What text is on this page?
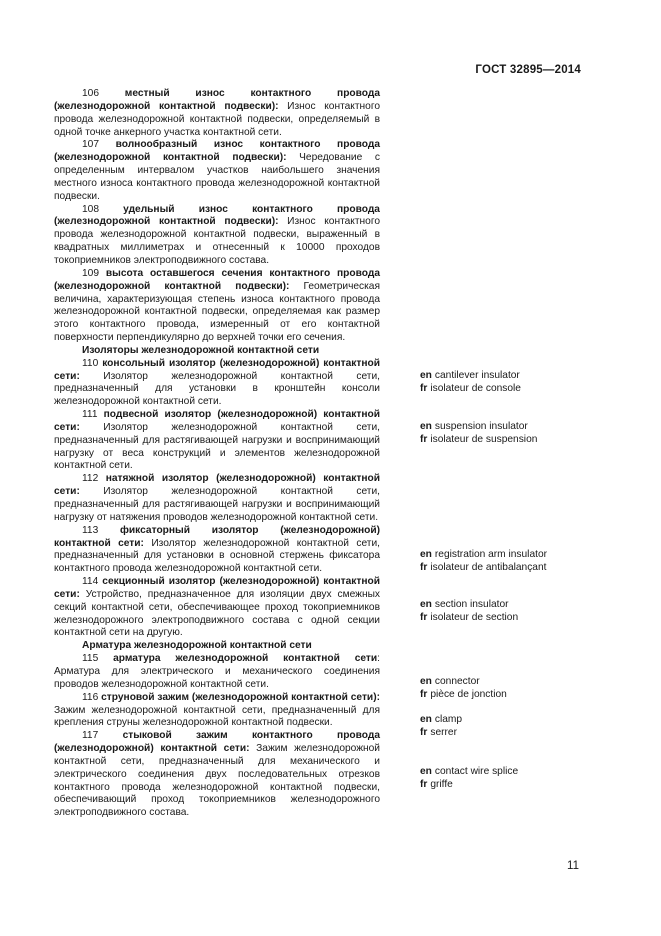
ГОСТ 32895—2014

106	местный износ контактного провода (железнодорожной контактной подвески): Износ контактного провода железнодорожной контактной подвески, определяемый в одной точке анкерного участка контактной сети.

107 волнообразный износ контактного провода (железнодорожной контактной подвески): Чередование с определенным интервалом участков наибольшего значения местного износа контактного провода железнодорожной контактной подвески.

108 удельный износ контактного провода (железнодорожной контактной подвески): Износ контактного провода железнодорожной контактной подвески, выраженный в квадратных миллиметрах и отнесенный к 10000 проходов токоприемников электроподвижного состава.

109 высота оставшегося сечения контактного провода (железнодорожной контактной подвески): Геометрическая величина, характеризующая степень износа контактного провода железнодорожной контактной подвески, определяемая как размер этого контактного провода, измеренный от его контактной поверхности перпендикулярно до верхней точки его сечения.

Изоляторы железнодорожной контактной сети

110 консольный изолятор (железнодорожной) контактной сети: Изолятор железнодорожной контактной сети, предназначенный для установки в кронштейн консоли железнодорожной контактной сети.

111 подвесной изолятор (железнодорожной) контактной сети: Изолятор железнодорожной контактной сети, предназначенный для растягивающей нагрузки и воспринимающий нагрузку от веса конструкций и элементов железнодорожной контактной сети.

112 натяжной изолятор (железнодорожной) контактной сети: Изолятор железнодорожной контактной сети, предназначенный для растягивающей нагрузки и воспринимающий нагрузку от натяжения проводов железнодорожной контактной сети.

113 фиксаторный изолятор (железнодорожной) контактной сети: Изолятор железнодорожной контактной сети, предназначенный для установки в основной стержень фиксатора контактного провода железнодорожной контактной сети.

114 секционный изолятор (железнодорожной) контактной сети: Устройство, предназначенное для изоляции двух смежных секций контактной сети, обеспечивающее проход токоприемников железнодорожного электроподвижного состава с одной секции контактной сети на другую.

Арматура железнодорожной контактной сети

115 арматура железнодорожной контактной сети: Арматура для электрического и механического соединения проводов железнодорожной контактной сети.

116 струновой зажим (железнодорожной контактной сети): Зажим железнодорожной контактной сети, предназначенный для крепления струны железнодорожной контактной подвески.

117 стыковой зажим контактного провода (железнодорожной) контактной сети: Зажим железнодорожной контактной сети, предназначенный для механического и электрического соединения двух последовательных отрезков контактного провода железнодорожной контактной подвески, обеспечивающий проход токоприемников железнодорожного электроподвижного состава.

en cantilever insulator
fr isolateur de console
en suspension insulator
fr isolateur de suspension
en registration arm insulator
fr isolateur de antibalançant
en section insulator
fr isolateur de section
en connector
fr pièce de jonction
en clamp
fr serrer
en contact wire splice
fr griffe
11
